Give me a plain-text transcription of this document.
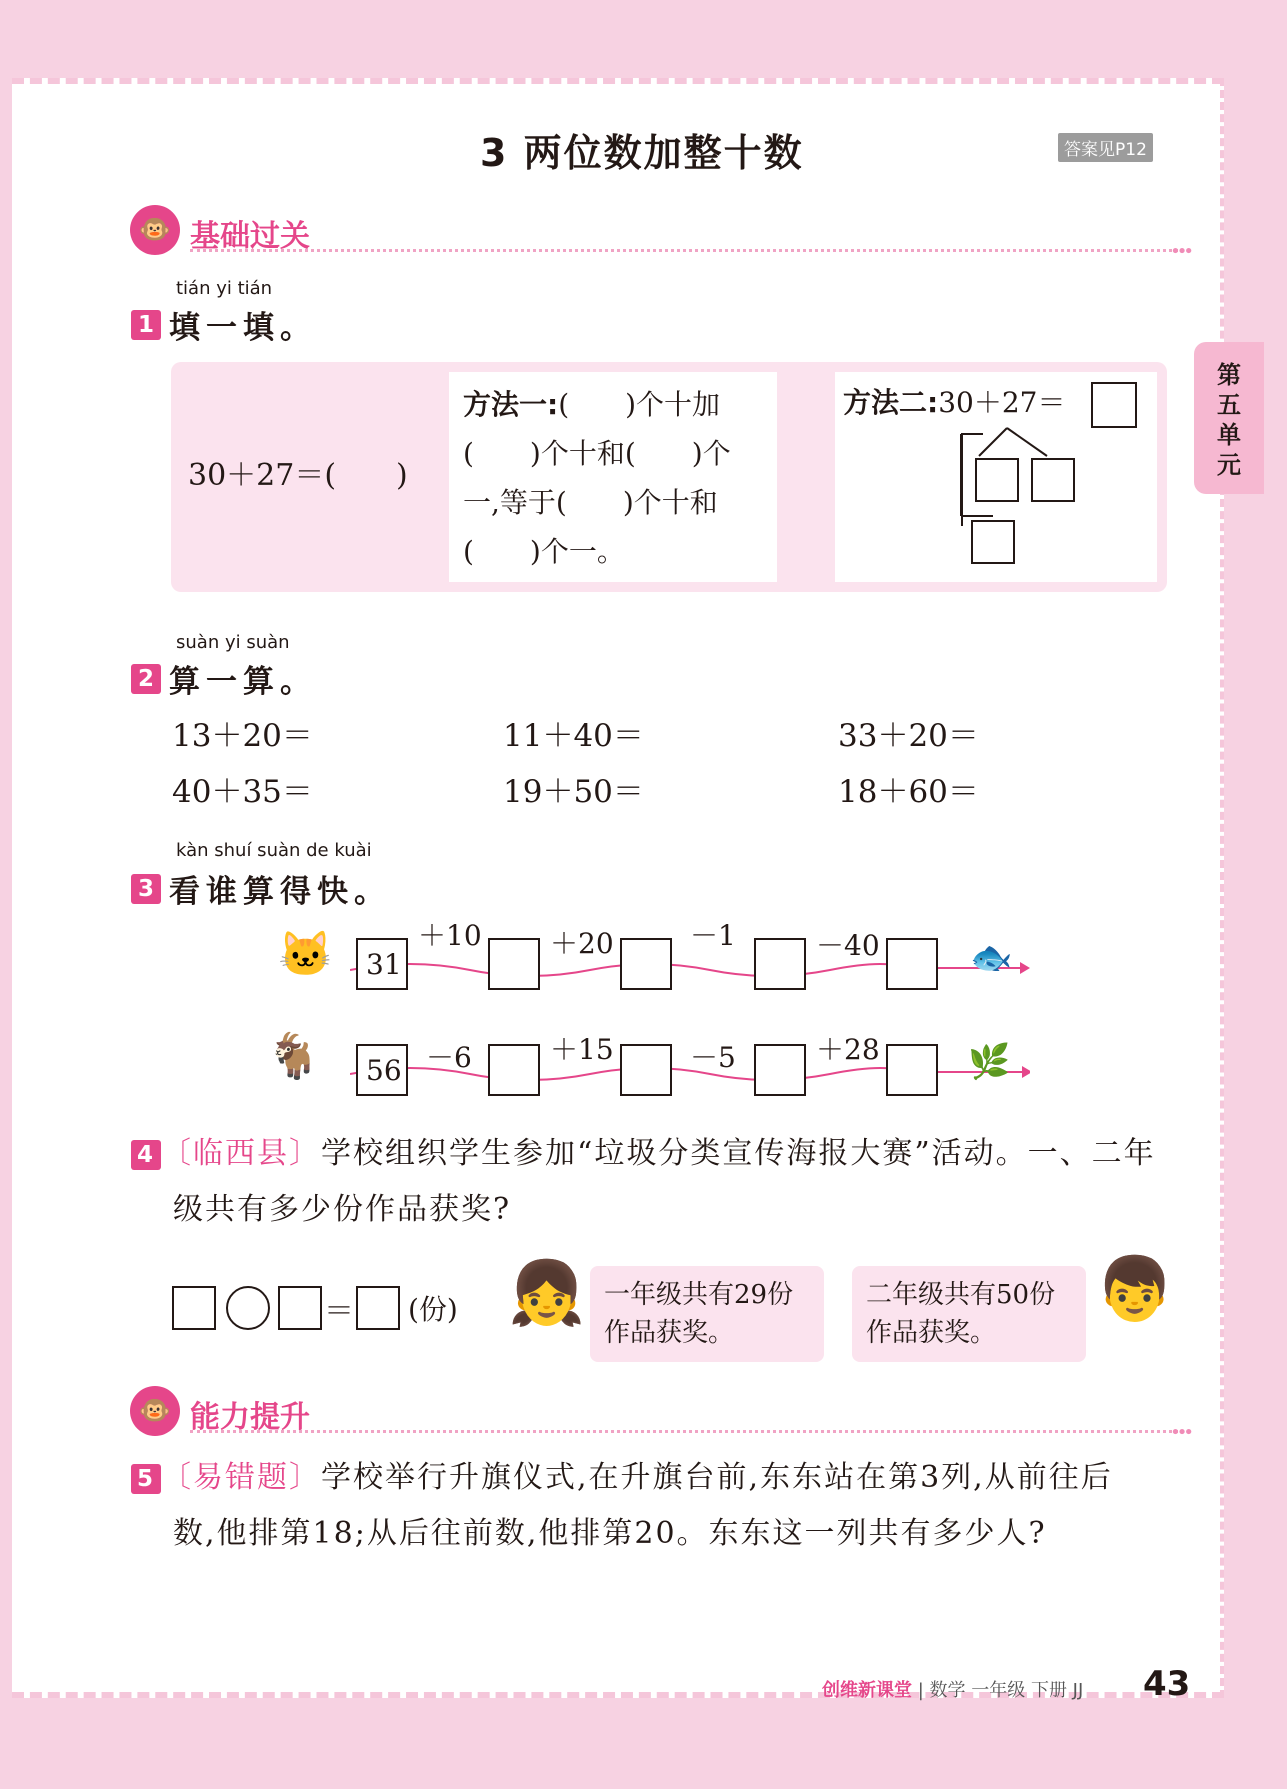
3 两位数加整十数	答案见P12
第五单元
🐵 基础过关	•••
tián yi tián
1 填一填。
30＋27＝(　　)
方法一:(　　)个十加
(　　)个十和(　　)个
一,等于(　　)个十和
(　　)个一。
方法二:30＋27＝
suàn yi suàn
2 算一算。
13＋20＝	11＋40＝	33＋20＝
40＋35＝	19＋50＝	18＋60＝
kàn shuí suàn de kuài
3 看谁算得快。
🐱 31
＋10 ＋20	－1	－40	🐟
🐐 56 －6	＋15	－5	＋28	🌿
4 〔临西县〕学校组织学生参加“垃圾分类宣传海报大赛”活动。一、二年
级共有多少份作品获奖?
＝ (份) 👧 一年级共有29份
作品获奖。
二年级共有50份
作品获奖。
👦
🐵 能力提升	•••
5 〔易错题〕学校举行升旗仪式,在升旗台前,东东站在第3列,从前往后
数,他排第18;从后往前数,他排第20。东东这一列共有多少人?
创维新课堂 | 数学 一年级 下册 JJ 43
